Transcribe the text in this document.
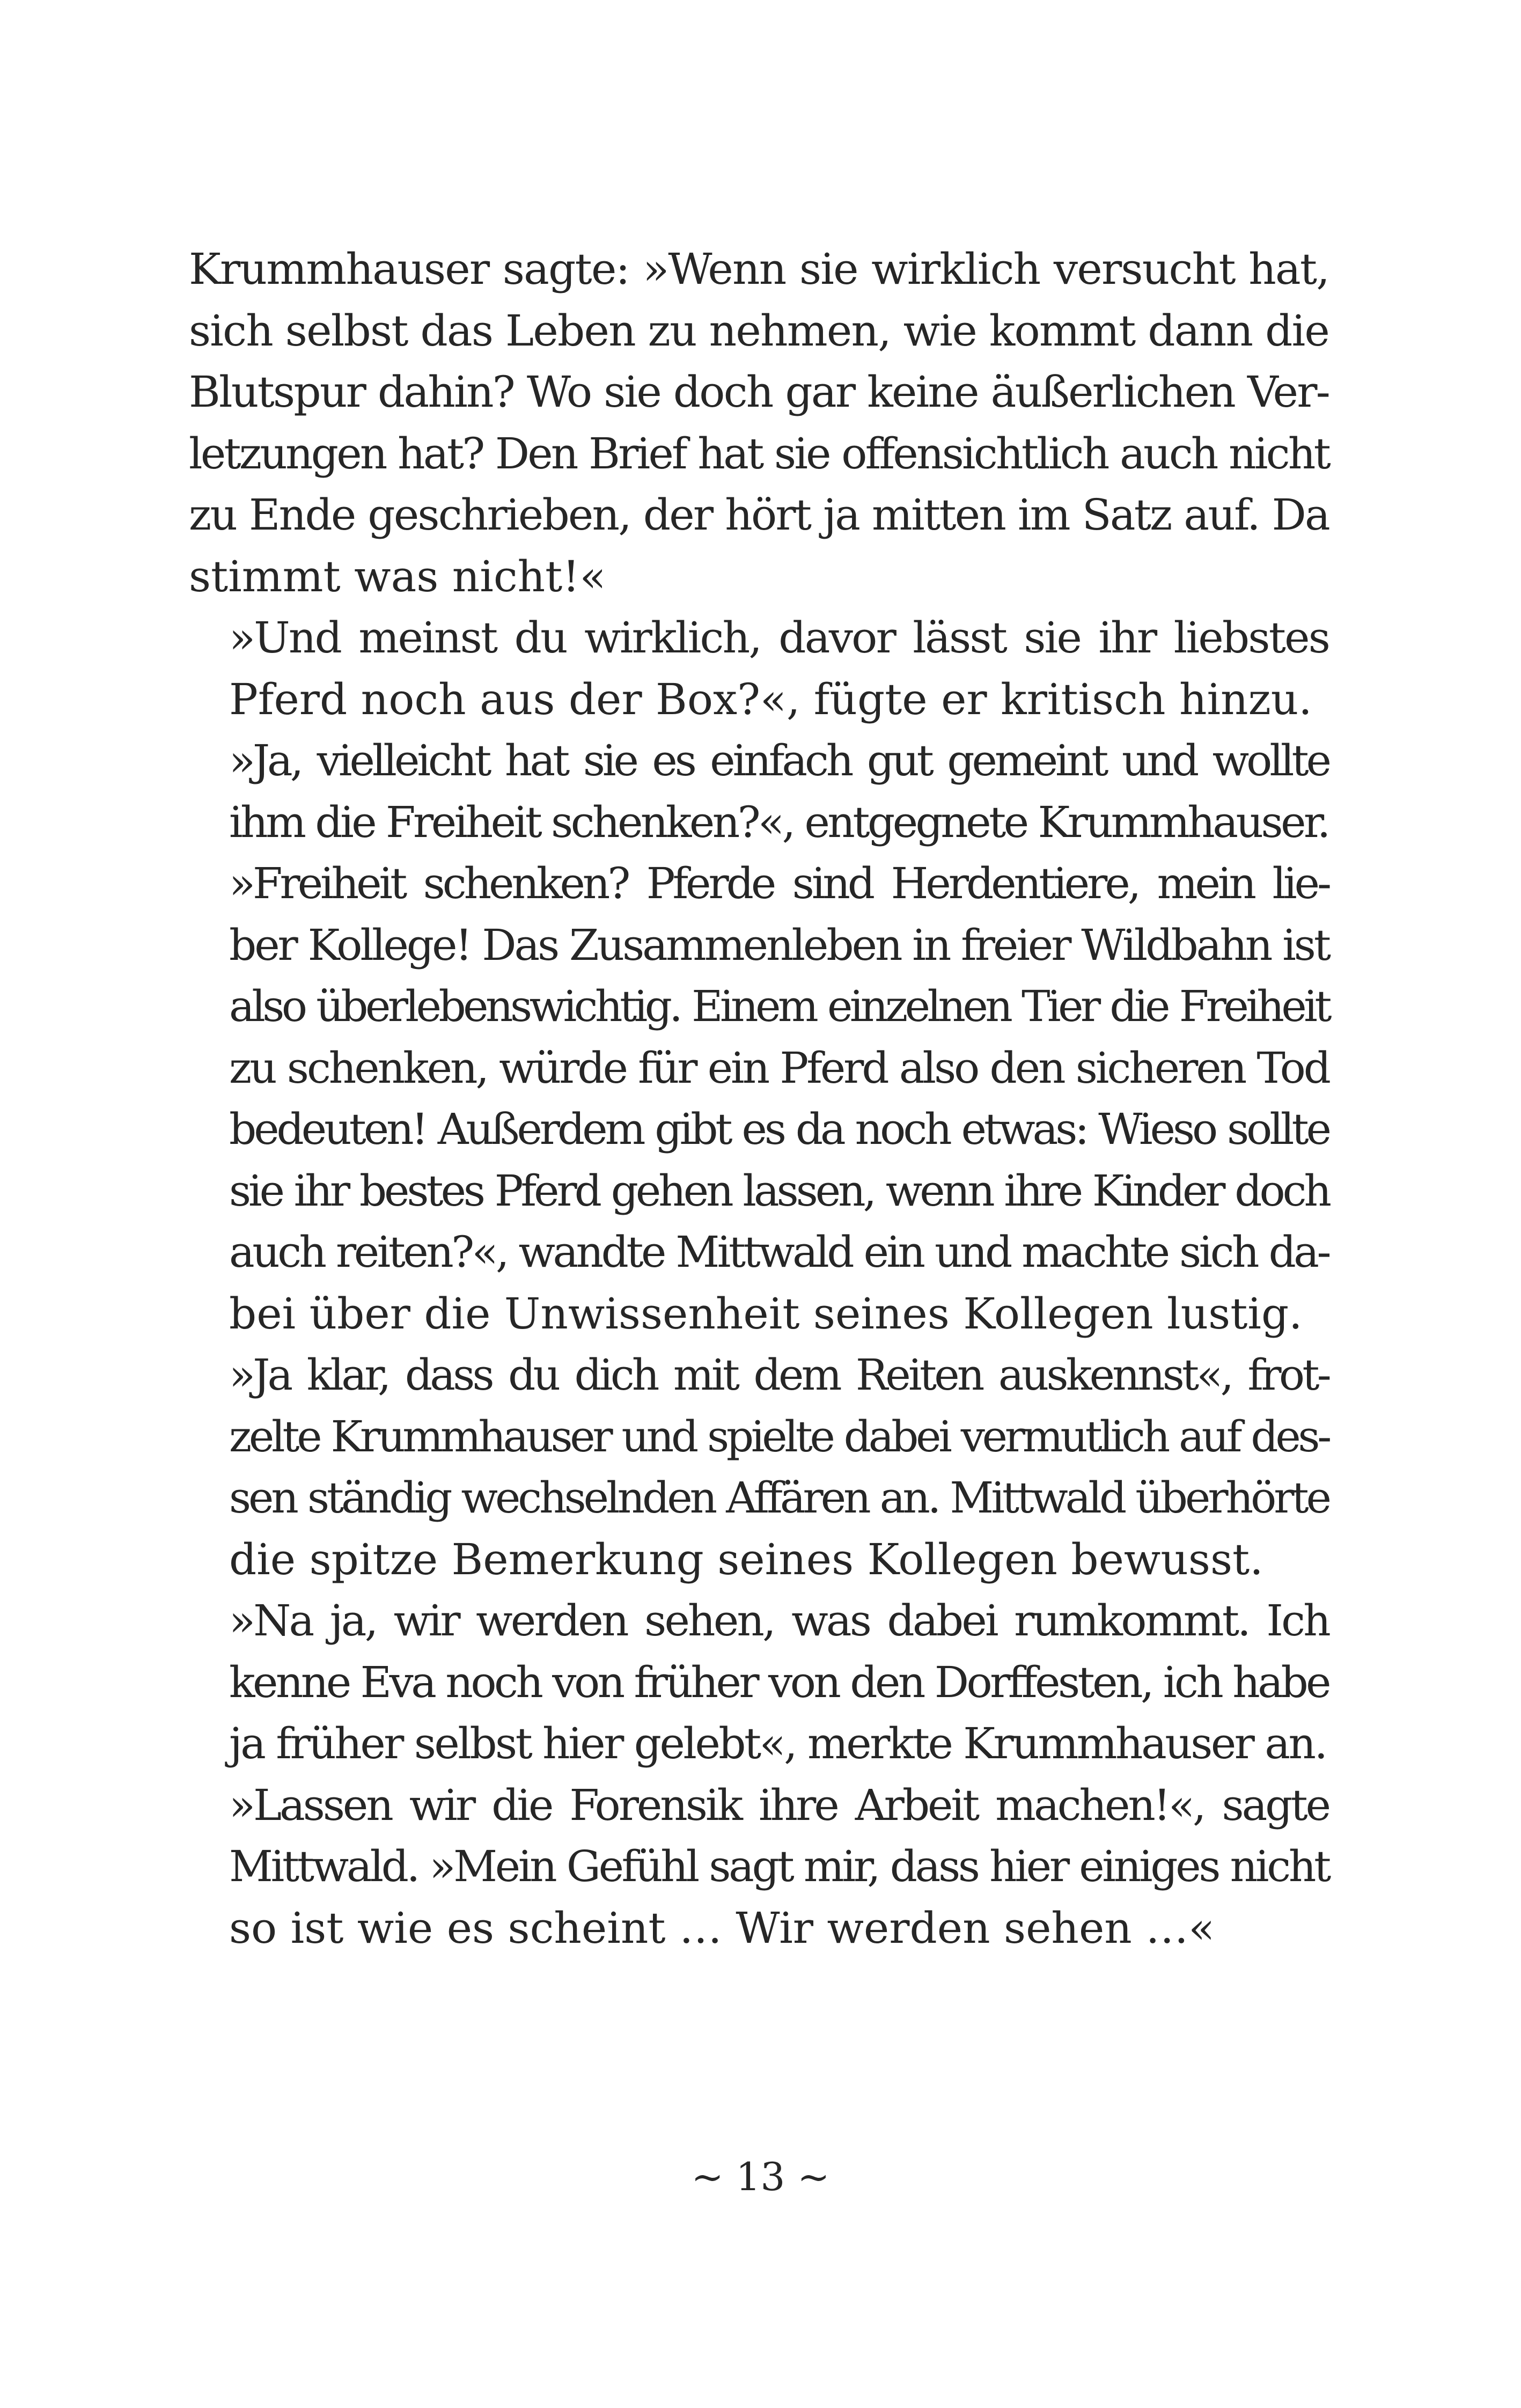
Krummhauser sagte: »Wenn sie wirklich versucht hat,
sich selbst das Leben zu nehmen, wie kommt dann die
Blutspur dahin? Wo sie doch gar keine äußerlichen Ver-
letzungen hat? Den Brief hat sie offensichtlich auch nicht
zu Ende geschrieben, der hört ja mitten im Satz auf. Da
stimmt was nicht!«

»Und meinst du wirklich, davor lässt sie ihr liebstes
Pferd noch aus der Box?«, fügte er kritisch hinzu.

»Ja, vielleicht hat sie es einfach gut gemeint und wollte
ihm die Freiheit schenken?«, entgegnete Krummhauser.

»Freiheit schenken? Pferde sind Herdentiere, mein lie-
ber Kollege! Das Zusammenleben in freier Wildbahn ist
also überlebenswichtig. Einem einzelnen Tier die Freiheit
zu schenken, würde für ein Pferd also den sicheren Tod
bedeuten! Außerdem gibt es da noch etwas: Wieso sollte
sie ihr bestes Pferd gehen lassen, wenn ihre Kinder doch
auch reiten?«, wandte Mittwald ein und machte sich da-
bei über die Unwissenheit seines Kollegen lustig.

»Ja klar, dass du dich mit dem Reiten auskennst«, frot-
zelte Krummhauser und spielte dabei vermutlich auf des-
sen ständig wechselnden Affären an. Mittwald überhörte
die spitze Bemerkung seines Kollegen bewusst.

»Na ja, wir werden sehen, was dabei rumkommt. Ich
kenne Eva noch von früher von den Dorffesten, ich habe
ja früher selbst hier gelebt«, merkte Krummhauser an.

»Lassen wir die Forensik ihre Arbeit machen!«, sagte
Mittwald. »Mein Gefühl sagt mir, dass hier einiges nicht
so ist wie es scheint … Wir werden sehen …«

~ 13 ~
